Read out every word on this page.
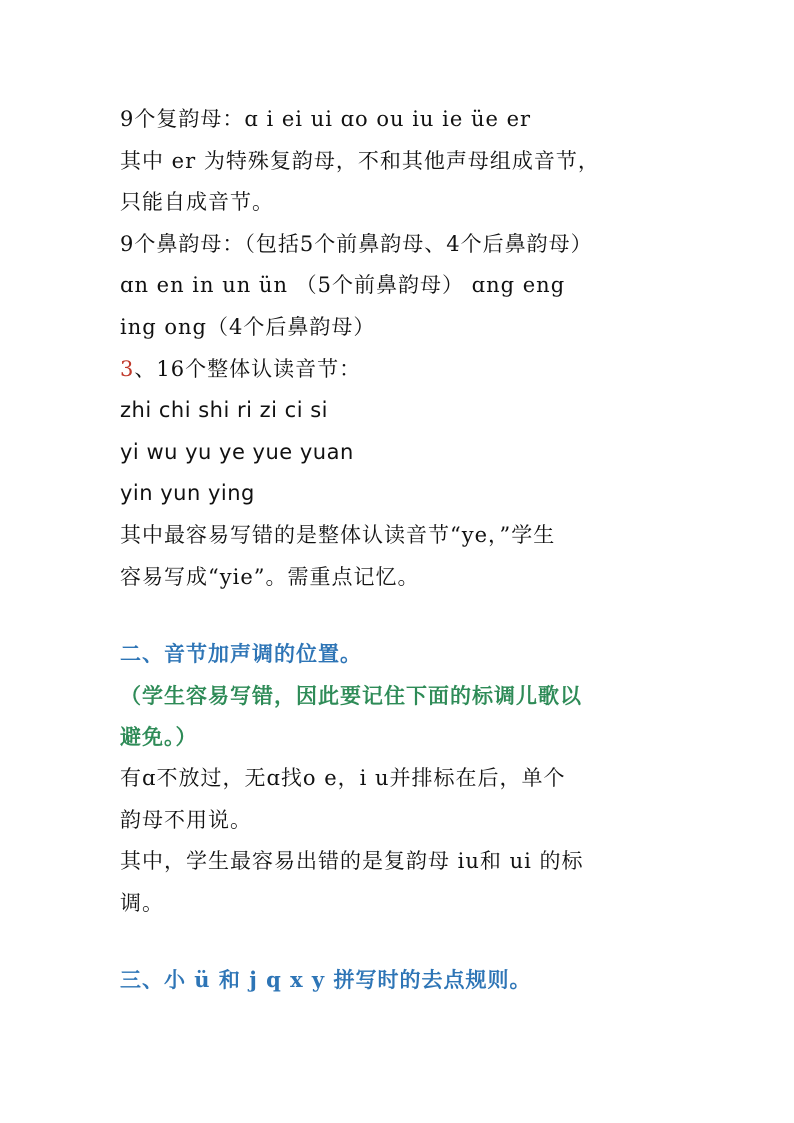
9个复韵母：ɑ i ei ui ɑo ou iu ie üe er
其中 er 为特殊复韵母，不和其他声母组成音节，
只能自成音节。
9个鼻韵母：（包括5个前鼻韵母、4个后鼻韵母）
ɑn en in un ün （5个前鼻韵母） ɑng eng
ing ong（4个后鼻韵母）
3、16个整体认读音节：
zhi chi shi ri zi ci si
yi wu yu ye yue yuan
yin yun ying
其中最容易写错的是整体认读音节“ye，”学生
容易写成“yie”。需重点记忆。
二、音节加声调的位置。
（学生容易写错，因此要记住下面的标调儿歌以
避免。）
有ɑ不放过，无ɑ找o e，i u并排标在后，单个
韵母不用说。
其中，学生最容易出错的是复韵母 iu和 ui 的标
调。
三、小 ü 和 j q x y 拼写时的去点规则。
